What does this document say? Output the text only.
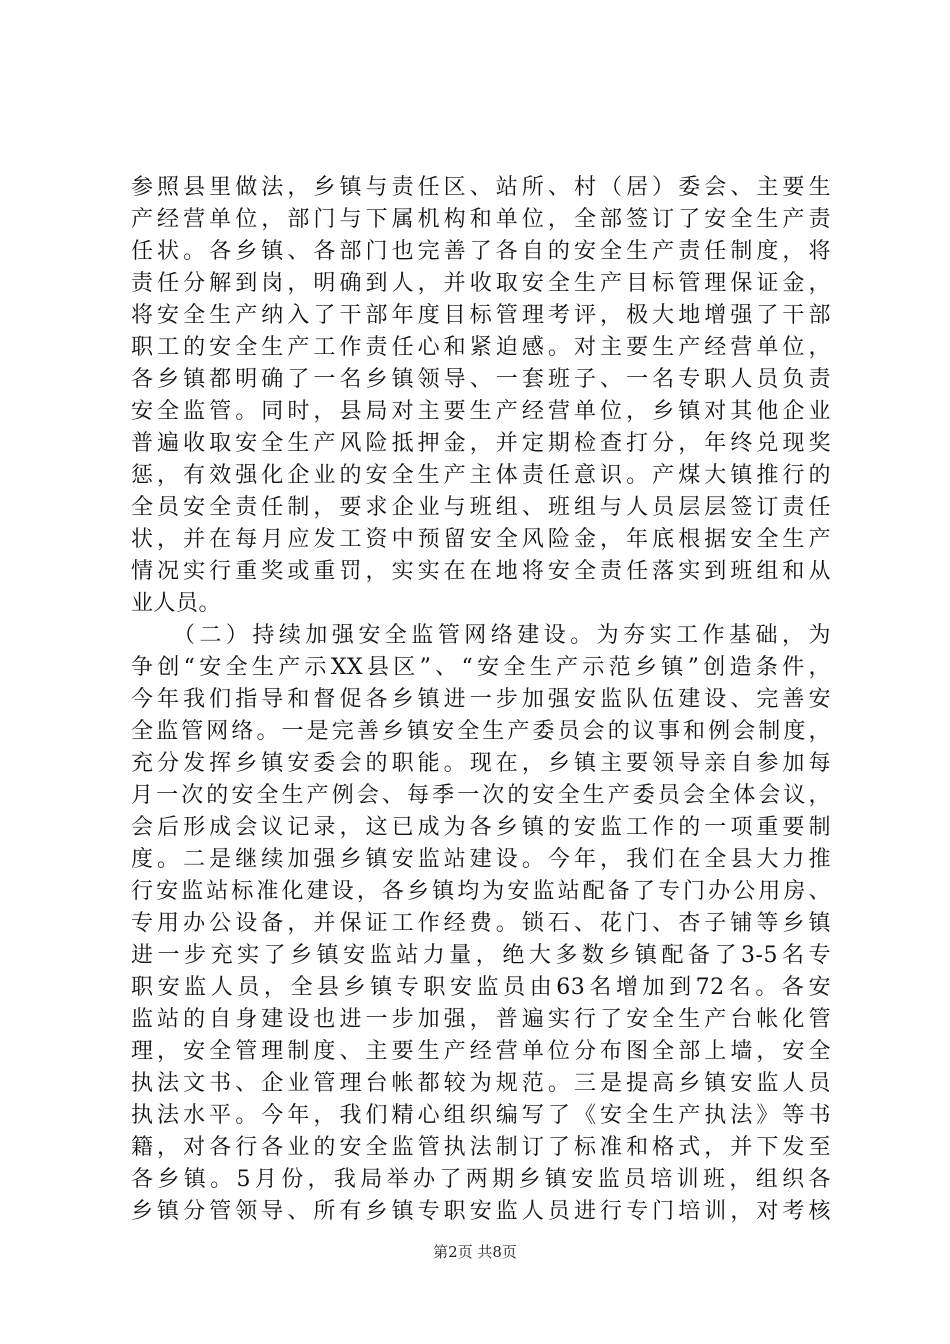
参照县里做法，乡镇与责任区、站所、村（居）委会、主要生
产经营单位，部门与下属机构和单位，全部签订了安全生产责
任状。各乡镇、各部门也完善了各自的安全生产责任制度，将
责任分解到岗，明确到人，并收取安全生产目标管理保证金，
将安全生产纳入了干部年度目标管理考评，极大地增强了干部
职工的安全生产工作责任心和紧迫感。对主要生产经营单位，
各乡镇都明确了一名乡镇领导、一套班子、一名专职人员负责
安全监管。同时，县局对主要生产经营单位，乡镇对其他企业
普遍收取安全生产风险抵押金，并定期检查打分，年终兑现奖
惩，有效强化企业的安全生产主体责任意识。产煤大镇推行的
全员安全责任制，要求企业与班组、班组与人员层层签订责任
状，并在每月应发工资中预留安全风险金，年底根据安全生产
情况实行重奖或重罚，实实在在地将安全责任落实到班组和从
业人员。
　　（二）持续加强安全监管网络建设。为夯实工作基础，为
争创“安全生产示XX县区”、“安全生产示范乡镇”创造条件，
今年我们指导和督促各乡镇进一步加强安监队伍建设、完善安
全监管网络。一是完善乡镇安全生产委员会的议事和例会制度，
充分发挥乡镇安委会的职能。现在，乡镇主要领导亲自参加每
月一次的安全生产例会、每季一次的安全生产委员会全体会议，
会后形成会议记录，这已成为各乡镇的安监工作的一项重要制
度。二是继续加强乡镇安监站建设。今年，我们在全县大力推
行安监站标准化建设，各乡镇均为安监站配备了专门办公用房、
专用办公设备，并保证工作经费。锁石、花门、杏子铺等乡镇
进一步充实了乡镇安监站力量，绝大多数乡镇配备了3-5名专
职安监人员，全县乡镇专职安监员由63名增加到72名。各安
监站的自身建设也进一步加强，普遍实行了安全生产台帐化管
理，安全管理制度、主要生产经营单位分布图全部上墙，安全
执法文书、企业管理台帐都较为规范。三是提高乡镇安监人员
执法水平。今年，我们精心组织编写了《安全生产执法》等书
籍，对各行各业的安全监管执法制订了标准和格式，并下发至
各乡镇。5月份，我局举办了两期乡镇安监员培训班，组织各
乡镇分管领导、所有乡镇专职安监人员进行专门培训，对考核
第2页 共8页
